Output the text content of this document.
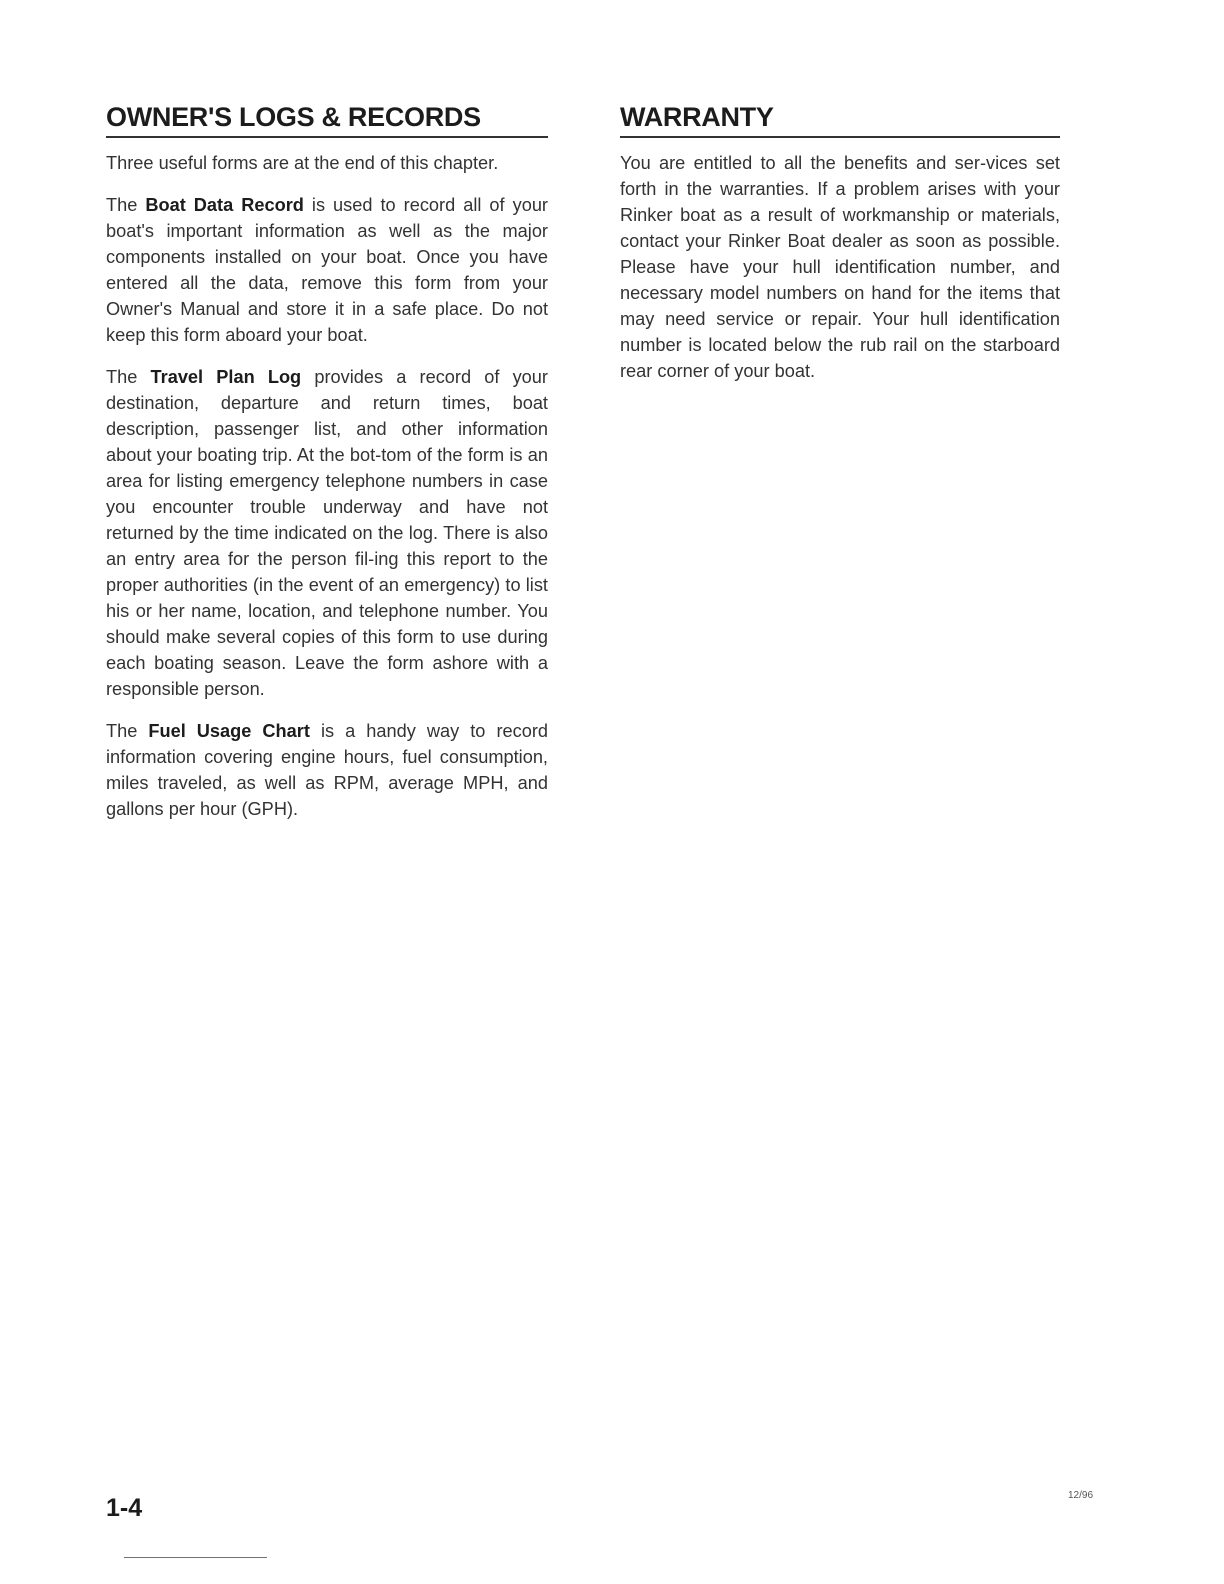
OWNER'S LOGS & RECORDS

Three useful forms are at the end of this chapter.

The Boat Data Record is used to record all of your boat's important information as well as the major components installed on your boat. Once you have entered all the data, remove this form from your Owner's Manual and store it in a safe place. Do not keep this form aboard your boat.

The Travel Plan Log provides a record of your destination, departure and return times, boat description, passenger list, and other information about your boating trip. At the bot-tom of the form is an area for listing emergency telephone numbers in case you encounter trouble underway and have not returned by the time indicated on the log. There is also an entry area for the person fil-ing this report to the proper authorities (in the event of an emergency) to list his or her name, location, and telephone number. You should make several copies of this form to use during each boating season. Leave the form ashore with a responsible person.

The Fuel Usage Chart is a handy way to record information covering engine hours, fuel consumption, miles traveled, as well as RPM, average MPH, and gallons per hour (GPH).

WARRANTY

You are entitled to all the benefits and ser-vices set forth in the warranties. If a problem arises with your Rinker boat as a result of workmanship or materials, contact your Rinker Boat dealer as soon as possible. Please have your hull identification number, and necessary model numbers on hand for the items that may need service or repair. Your hull identification number is located below the rub rail on the starboard rear corner of your boat.

1-4	12/96
